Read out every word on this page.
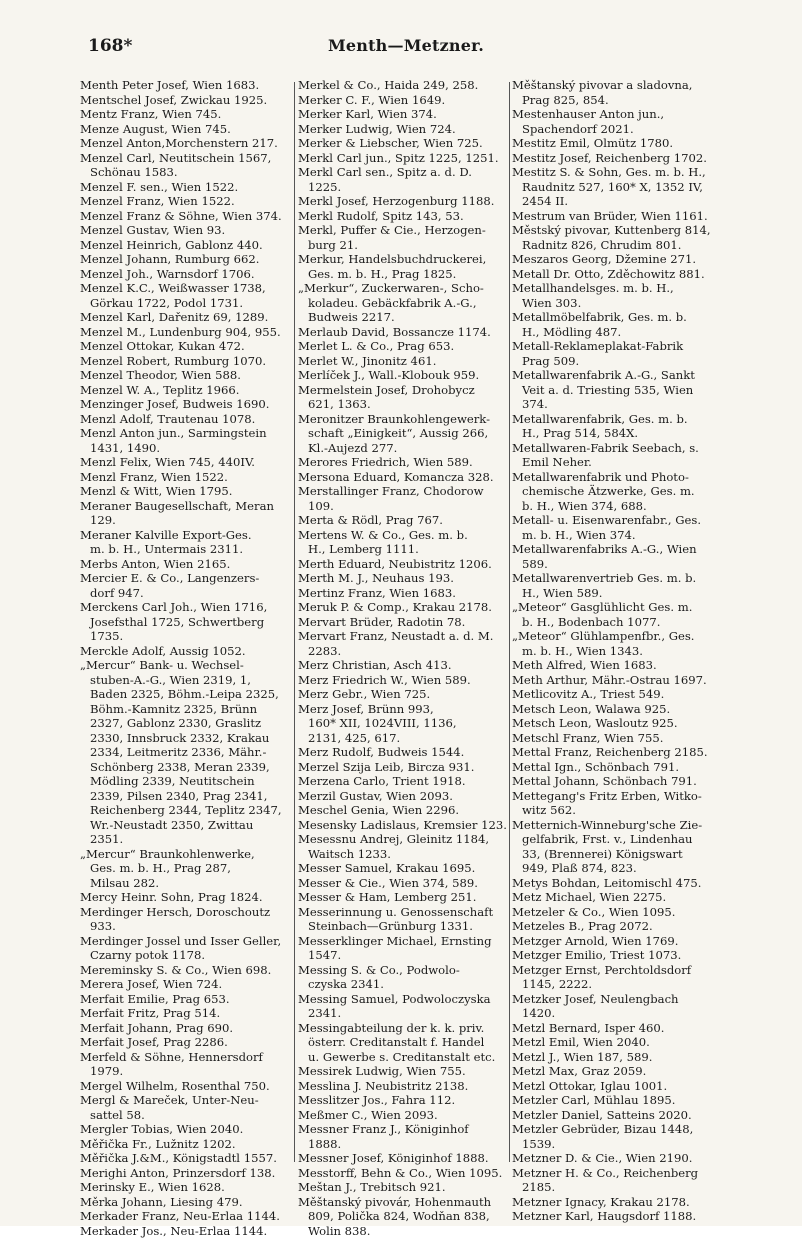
168*	Menth—Metzner.
Menth Peter Josef, Wien 1683.
Mentschel Josef, Zwickau 1925.
Mentz Franz, Wien 745.
Menze August, Wien 745.
Menzel Anton,Morchenstern 217.
Menzel Carl, Neutitschein 1567,
Schönau 1583.
Menzel F. sen., Wien 1522.
Menzel Franz, Wien 1522.
Menzel Franz & Söhne, Wien 374.
Menzel Gustav, Wien 93.
Menzel Heinrich, Gablonz 440.
Menzel Johann, Rumburg 662.
Menzel Joh., Warnsdorf 1706.
Menzel K.C., Weißwasser 1738,
Görkau 1722, Podol 1731.
Menzel Karl, Dařenitz 69, 1289.
Menzel M., Lundenburg 904, 955.
Menzel Ottokar, Kukan 472.
Menzel Robert, Rumburg 1070.
Menzel Theodor, Wien 588.
Menzel W. A., Teplitz 1966.
Menzinger Josef, Budweis 1690.
Menzl Adolf, Trautenau 1078.
Menzl Anton jun., Sarmingstein
1431, 1490.
Menzl Felix, Wien 745, 440IV.
Menzl Franz, Wien 1522.
Menzl & Witt, Wien 1795.
Meraner Baugesellschaft, Meran
129.
Meraner Kalville Export-Ges.
m. b. H., Untermais 2311.
Merbs Anton, Wien 2165.
Mercier E. & Co., Langenzers-
dorf 947.
Merckens Carl Joh., Wien 1716,
Josefsthal 1725, Schwertberg
1735.
Merckle Adolf, Aussig 1052.
„Mercur“ Bank- u. Wechsel-
stuben-A.-G., Wien 2319, 1,
Baden 2325, Böhm.-Leipa 2325,
Böhm.-Kamnitz 2325, Brünn
2327, Gablonz 2330, Graslitz
2330, Innsbruck 2332, Krakau
2334, Leitmeritz 2336, Mähr.-
Schönberg 2338, Meran 2339,
Mödling 2339, Neutitschein
2339, Pilsen 2340, Prag 2341,
Reichenberg 2344, Teplitz 2347,
Wr.-Neustadt 2350, Zwittau
2351.
„Mercur“ Braunkohlenwerke,
Ges. m. b. H., Prag 287,
Milsau 282.
Mercy Heinr. Sohn, Prag 1824.
Merdinger Hersch, Doroschoutz
933.
Merdinger Jossel und Isser Geller,
Czarny potok 1178.
Mereminsky S. & Co., Wien 698.
Merera Josef, Wien 724.
Merfait Emilie, Prag 653.
Merfait Fritz, Prag 514.
Merfait Johann, Prag 690.
Merfait Josef, Prag 2286.
Merfeld & Söhne, Hennersdorf
1979.
Mergel Wilhelm, Rosenthal 750.
Mergl & Mareček, Unter-Neu-
sattel 58.
Mergler Tobias, Wien 2040.
Měřička Fr., Lužnitz 1202.
Měřička J.&M., Königstadtl 1557.
Merighi Anton, Prinzersdorf 138.
Merinsky E., Wien 1628.
Měrka Johann, Liesing 479.
Merkader Franz, Neu-Erlaa 1144.
Merkader Jos., Neu-Erlaa 1144.
Merkel & Co., Haida 249, 258.
Merker C. F., Wien 1649.
Merker Karl, Wien 374.
Merker Ludwig, Wien 724.
Merker & Liebscher, Wien 725.
Merkl Carl jun., Spitz 1225, 1251.
Merkl Carl sen., Spitz a. d. D.
1225.
Merkl Josef, Herzogenburg 1188.
Merkl Rudolf, Spitz 143, 53.
Merkl, Puffer & Cie., Herzogen-
burg 21.
Merkur, Handelsbuchdruckerei,
Ges. m. b. H., Prag 1825.
„Merkur“, Zuckerwaren-, Scho-
koladeu. Gebäckfabrik A.-G.,
Budweis 2217.
Merlaub David, Bossancze 1174.
Merlet L. & Co., Prag 653.
Merlet W., Jinonitz 461.
Merlíček J., Wall.-Klobouk 959.
Mermelstein Josef, Drohobycz
621, 1363.
Meronitzer Braunkohlengewerk-
schaft „Einigkeit“, Aussig 266,
Kl.-Aujezd 277.
Merores Friedrich, Wien 589.
Mersona Eduard, Komancza 328.
Merstallinger Franz, Chodorow
109.
Merta & Rödl, Prag 767.
Mertens W. & Co., Ges. m. b.
H., Lemberg 1111.
Merth Eduard, Neubistritz 1206.
Merth M. J., Neuhaus 193.
Mertinz Franz, Wien 1683.
Meruk P. & Comp., Krakau 2178.
Mervart Brüder, Radotin 78.
Mervart Franz, Neustadt a. d. M.
2283.
Merz Christian, Asch 413.
Merz Friedrich W., Wien 589.
Merz Gebr., Wien 725.
Merz Josef, Brünn 993,
160* XII, 1024VIII, 1136,
2131, 425, 617.
Merz Rudolf, Budweis 1544.
Merzel Szija Leib, Bircza 931.
Merzena Carlo, Trient 1918.
Merzil Gustav, Wien 2093.
Meschel Genia, Wien 2296.
Mesensky Ladislaus, Kremsier 123.
Mesessnu Andrej, Gleinitz 1184,
Waitsch 1233.
Messer Samuel, Krakau 1695.
Messer & Cie., Wien 374, 589.
Messer & Ham, Lemberg 251.
Messerinnung u. Genossenschaft
Steinbach—Grünburg 1331.
Messerklinger Michael, Ernsting
1547.
Messing S. & Co., Podwolo-
czyska 2341.
Messing Samuel, Podwoloczyska
2341.
Messingabteilung der k. k. priv.
österr. Creditanstalt f. Handel
u. Gewerbe s. Creditanstalt etc.
Messirek Ludwig, Wien 755.
Messlina J. Neubistritz 2138.
Messlitzer Jos., Fahra 112.
Meßmer C., Wien 2093.
Messner Franz J., Königinhof
1888.
Messner Josef, Königinhof 1888.
Messtorff, Behn & Co., Wien 1095.
Meštan J., Trebitsch 921.
Měštanský pivovár, Hohenmauth
809, Polička 824, Wodňan 838,
Wolin 838.
Měštanský pivovar a sladovna,
Prag 825, 854.
Mestenhauser Anton jun.,
Spachendorf 2021.
Mestitz Emil, Olmütz 1780.
Mestitz Josef, Reichenberg 1702.
Mestitz S. & Sohn, Ges. m. b. H.,
Raudnitz 527, 160* X, 1352 IV,
2454 II.
Mestrum van Brüder, Wien 1161.
Městský pivovar, Kuttenberg 814,
Radnitz 826, Chrudim 801.
Meszaros Georg, Džemine 271.
Metall Dr. Otto, Zděchowitz 881.
Metallhandelsges. m. b. H.,
Wien 303.
Metallmöbelfabrik, Ges. m. b.
H., Mödling 487.
Metall-Reklameplakat-Fabrik
Prag 509.
Metallwarenfabrik A.-G., Sankt
Veit a. d. Triesting 535, Wien
374.
Metallwarenfabrik, Ges. m. b.
H., Prag 514, 584X.
Metallwaren-Fabrik Seebach, s.
Emil Neher.
Metallwarenfabrik und Photo-
chemische Ätzwerke, Ges. m.
b. H., Wien 374, 688.
Metall- u. Eisenwarenfabr., Ges.
m. b. H., Wien 374.
Metallwarenfabriks A.-G., Wien
589.
Metallwarenvertrieb Ges. m. b.
H., Wien 589.
„Meteor“ Gasglühlicht Ges. m.
b. H., Bodenbach 1077.
„Meteor“ Glühlampenfbr., Ges.
m. b. H., Wien 1343.
Meth Alfred, Wien 1683.
Meth Arthur, Mähr.-Ostrau 1697.
Metlicovitz A., Triest 549.
Metsch Leon, Walawa 925.
Metsch Leon, Wasloutz 925.
Metschl Franz, Wien 755.
Mettal Franz, Reichenberg 2185.
Mettal Ign., Schönbach 791.
Mettal Johann, Schönbach 791.
Mettegang's Fritz Erben, Witko-
witz 562.
Metternich-Winneburg'sche Zie-
gelfabrik, Frst. v., Lindenhau
33, (Brennerei) Königswart
949, Plaß 874, 823.
Metys Bohdan, Leitomischl 475.
Metz Michael, Wien 2275.
Metzeler & Co., Wien 1095.
Metzeles B., Prag 2072.
Metzger Arnold, Wien 1769.
Metzger Emilio, Triest 1073.
Metzger Ernst, Perchtoldsdorf
1145, 2222.
Metzker Josef, Neulengbach
1420.
Metzl Bernard, Isper 460.
Metzl Emil, Wien 2040.
Metzl J., Wien 187, 589.
Metzl Max, Graz 2059.
Metzl Ottokar, Iglau 1001.
Metzler Carl, Mühlau 1895.
Metzler Daniel, Satteins 2020.
Metzler Gebrüder, Bizau 1448,
1539.
Metzner D. & Cie., Wien 2190.
Metzner H. & Co., Reichenberg
2185.
Metzner Ignacy, Krakau 2178.
Metzner Karl, Haugsdorf 1188.
